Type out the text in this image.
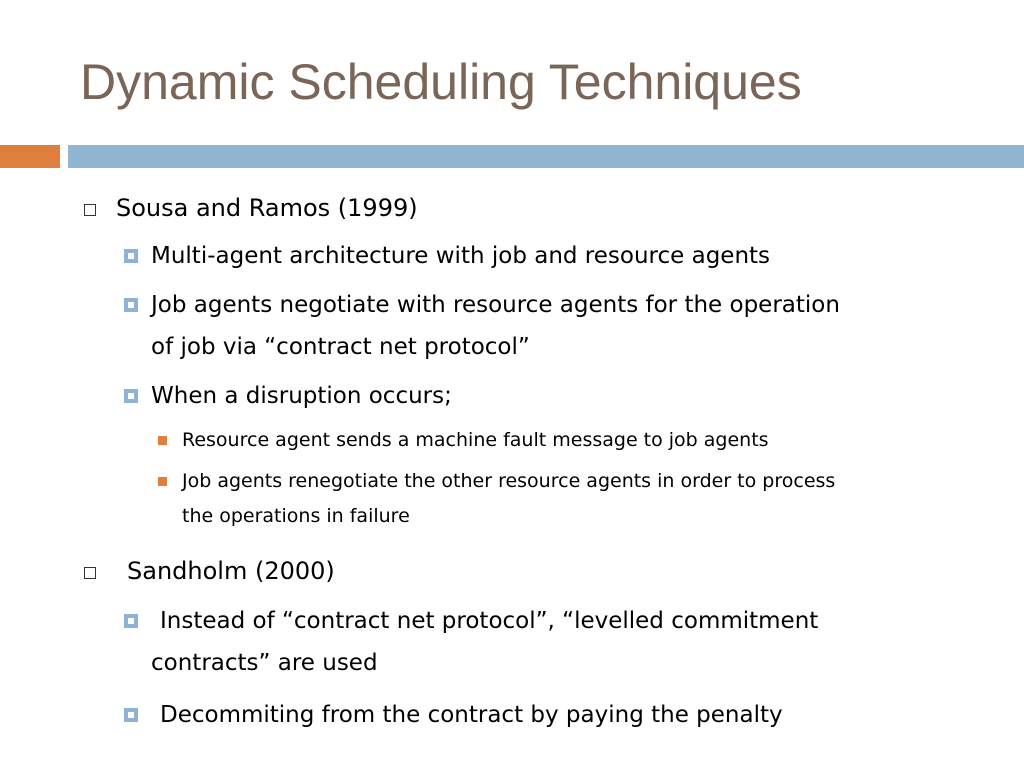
Dynamic Scheduling Techniques
Sousa and Ramos (1999)
Multi-agent architecture with job and resource agents
Job agents negotiate with resource agents for the operation
of job via “contract net protocol”
When a disruption occurs;
Resource agent sends a machine fault message to job agents
Job agents renegotiate the other resource agents in order to process
the operations in failure
Sandholm (2000)
Instead of “contract net protocol”, “levelled commitment
contracts” are used
Decommiting from the contract by paying the penalty
